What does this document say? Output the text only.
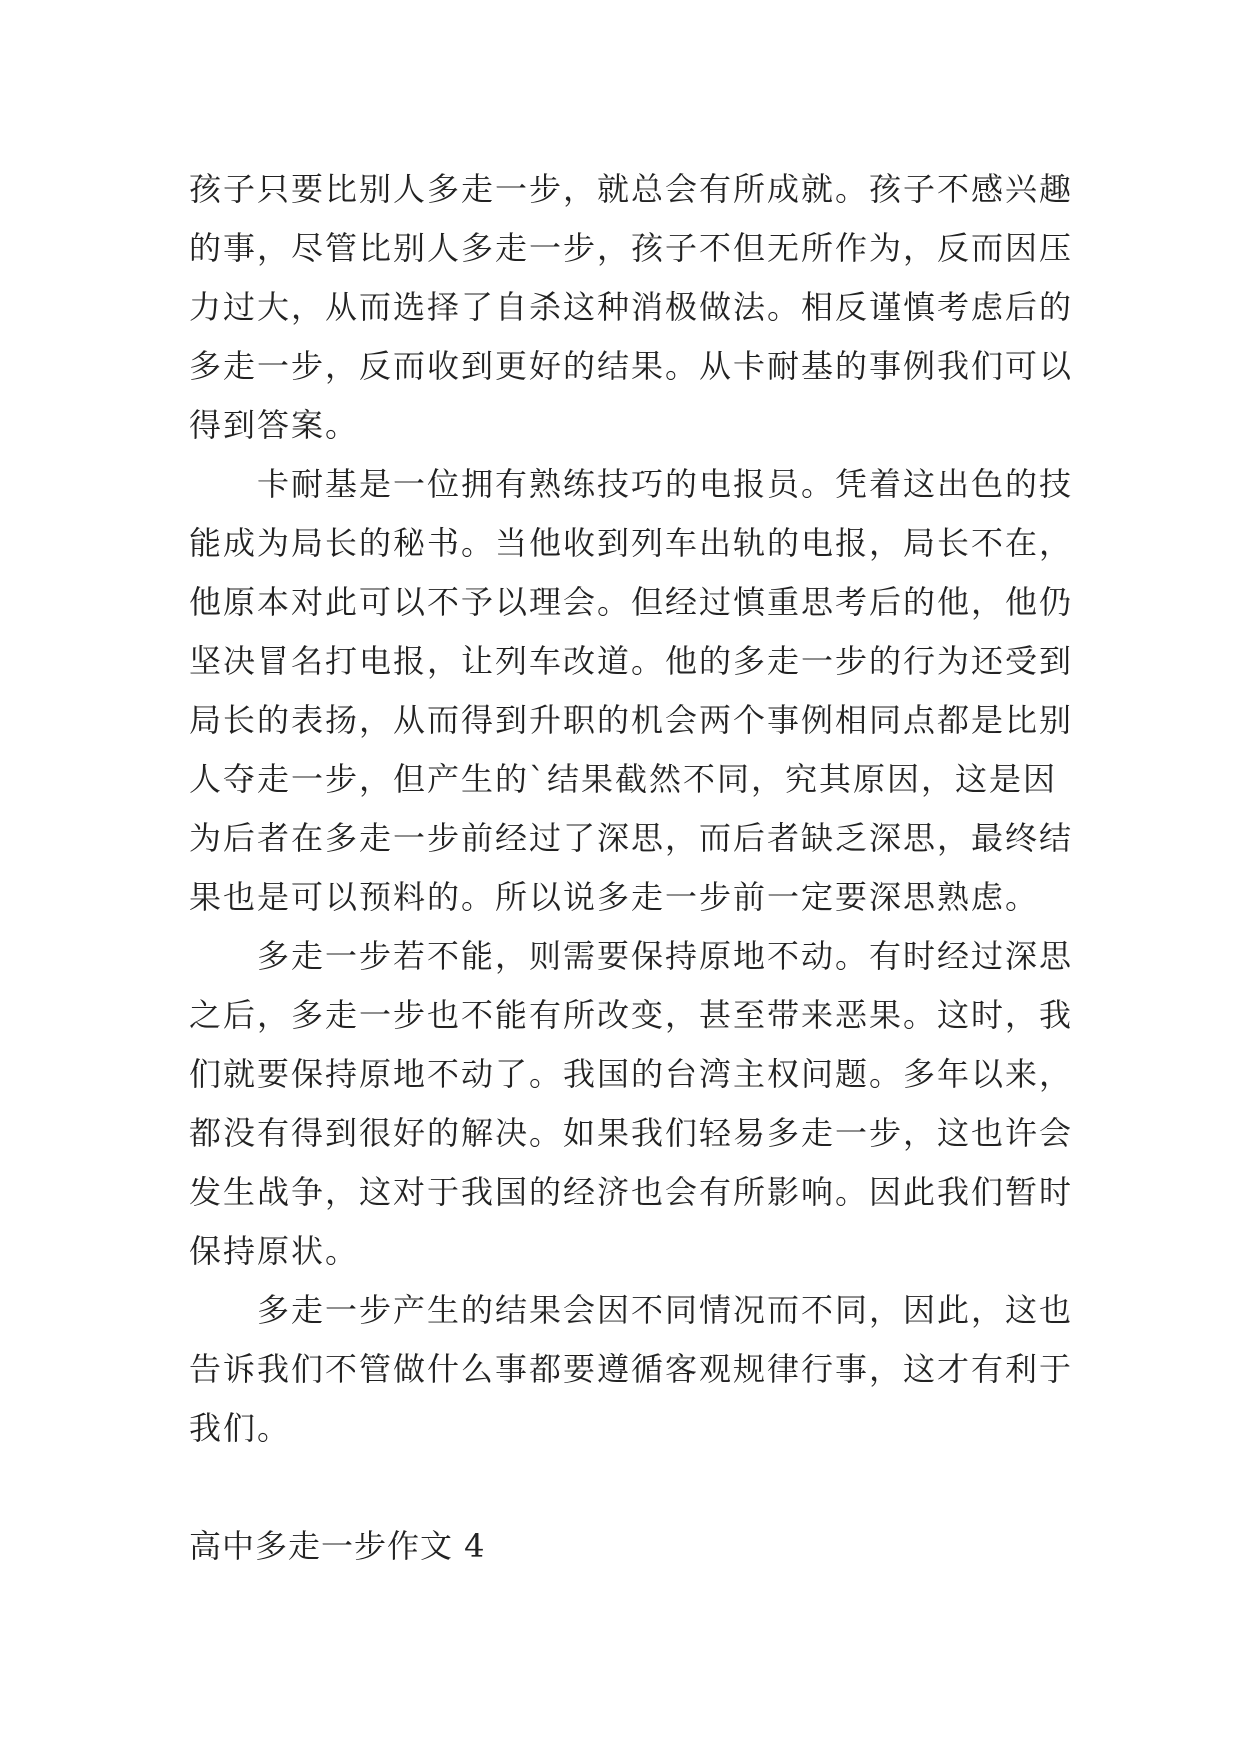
孩子只要比别人多走一步，就总会有所成就。孩子不感兴趣
的事，尽管比别人多走一步，孩子不但无所作为，反而因压
力过大，从而选择了自杀这种消极做法。相反谨慎考虑后的
多走一步，反而收到更好的结果。从卡耐基的事例我们可以
得到答案。
卡耐基是一位拥有熟练技巧的电报员。凭着这出色的技
能成为局长的秘书。当他收到列车出轨的电报，局长不在，
他原本对此可以不予以理会。但经过慎重思考后的他，他仍
坚决冒名打电报，让列车改道。他的多走一步的行为还受到
局长的表扬，从而得到升职的机会两个事例相同点都是比别
人夺走一步，但产生的`结果截然不同，究其原因，这是因
为后者在多走一步前经过了深思，而后者缺乏深思，最终结
果也是可以预料的。所以说多走一步前一定要深思熟虑。
多走一步若不能，则需要保持原地不动。有时经过深思
之后，多走一步也不能有所改变，甚至带来恶果。这时，我
们就要保持原地不动了。我国的台湾主权问题。多年以来，
都没有得到很好的解决。如果我们轻易多走一步，这也许会
发生战争，这对于我国的经济也会有所影响。因此我们暂时
保持原状。
多走一步产生的结果会因不同情况而不同，因此，这也
告诉我们不管做什么事都要遵循客观规律行事，这才有利于
我们。
高中多走一步作文 4
